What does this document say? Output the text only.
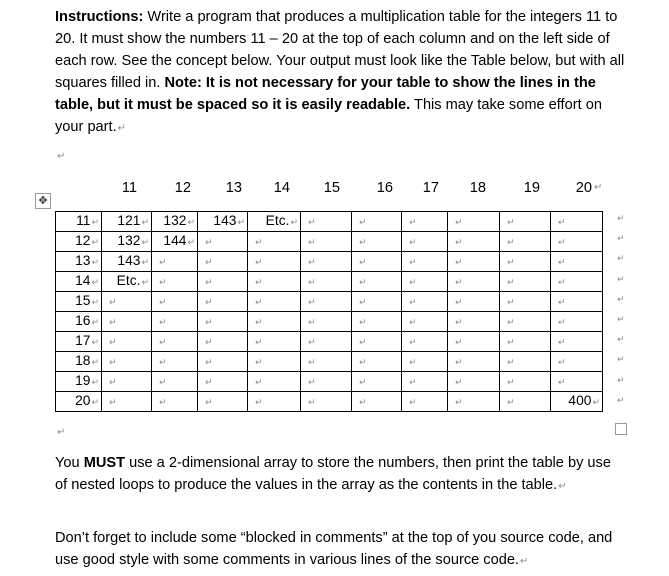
Instructions: Write a program that produces a multiplication table for the integers 11 to 20. It must show the numbers 11 – 20 at the top of each column and on the left side of each row. See the concept below. Your output must look like the Table below, but with all squares filled in. Note: It is not necessary for your table to show the lines in the table, but it must be spaced so it is easily readable. This may take some effort on your part.↵

↵
✥
11	12 13 14 15	16 17 18	19 20 ↵
11↵	121↵	132↵	143↵	Etc.↵	↵	↵	↵	↵	↵	↵
12↵	132↵	144↵	↵	↵	↵	↵	↵	↵	↵	↵
13↵	143↵	↵	↵	↵	↵	↵	↵	↵	↵	↵
14↵	Etc.↵	↵	↵	↵	↵	↵	↵	↵	↵	↵
15↵	↵	↵	↵	↵	↵	↵	↵	↵	↵	↵
16↵	↵	↵	↵	↵	↵	↵	↵	↵	↵	↵
17↵	↵	↵	↵	↵	↵	↵	↵	↵	↵	↵
18↵	↵	↵	↵	↵	↵	↵	↵	↵	↵	↵
19↵	↵	↵	↵	↵	↵	↵	↵	↵	↵	↵
20↵	↵	↵	↵	↵	↵	↵	↵	↵	↵	400↵
↵
↵
↵
↵
↵
↵
↵
↵
↵
↵
↵

You MUST use a 2-dimensional array to store the numbers, then print the table by use of nested loops to produce the values in the array as the contents in the table.↵

Don’t forget to include some “blocked in comments” at the top of you source code, and use good style with some comments in various lines of the source code.↵
